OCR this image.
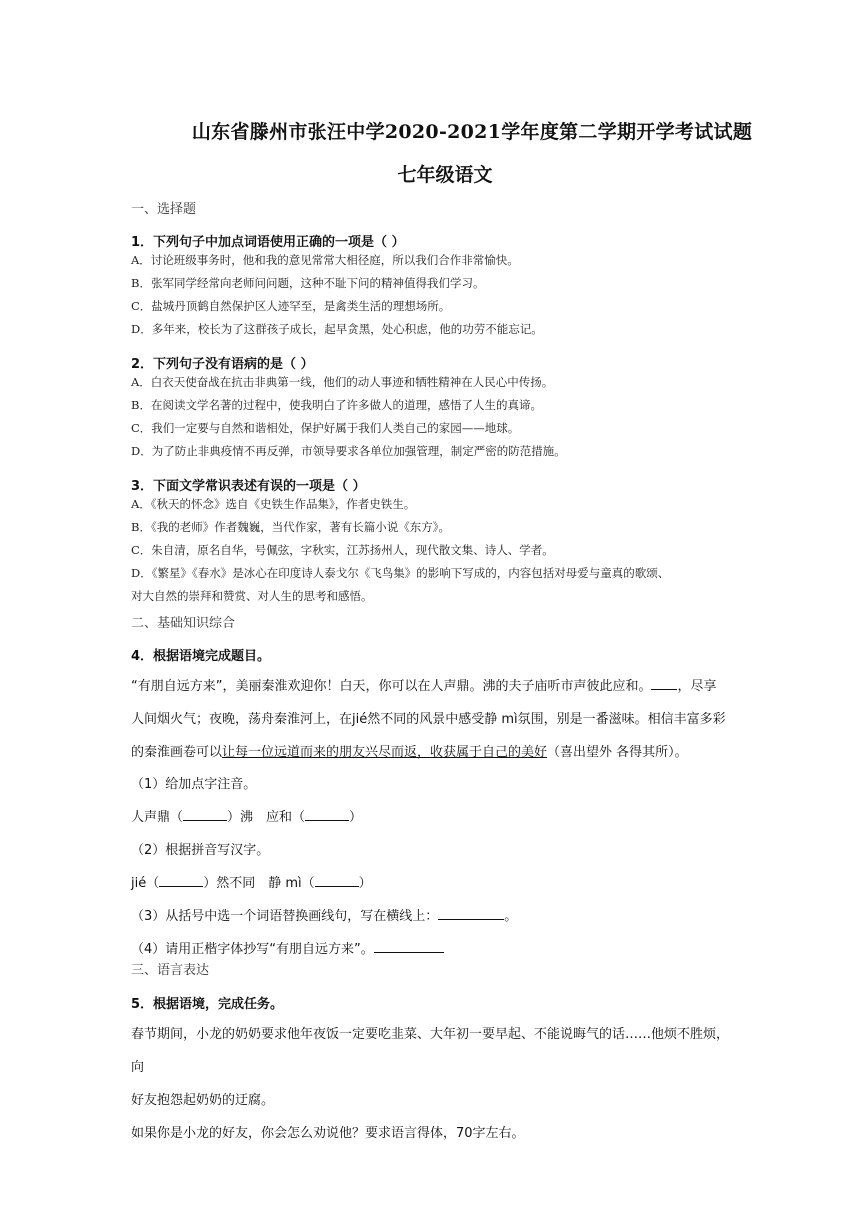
山东省滕州市张汪中学2020-2021学年度第二学期开学考试试题
七年级语文
一、选择题
1．下列句子中加点词语使用正确的一项是（ ）
A．讨论班级事务时，他和我的意见常常大相径庭，所以我们合作非常愉快。
B．张军同学经常向老师问问题，这种不耻下问的精神值得我们学习。
C．盐城丹顶鹤自然保护区人迹罕至，是禽类生活的理想场所。
D．多年来，校长为了这群孩子成长，起早贪黑，处心积虑，他的功劳不能忘记。
2．下列句子没有语病的是（ ）
A．白衣天使奋战在抗击非典第一线，他们的动人事迹和牺牲精神在人民心中传扬。
B．在阅读文学名著的过程中，使我明白了许多做人的道理，感悟了人生的真谛。
C．我们一定要与自然和谐相处，保护好属于我们人类自己的家园——地球。
D．为了防止非典疫情不再反弹，市领导要求各单位加强管理，制定严密的防范措施。
3．下面文学常识表述有误的一项是（ ）
A．《秋天的怀念》选自《史铁生作品集》，作者史铁生。
B．《我的老师》作者魏巍，当代作家，著有长篇小说《东方》。
C．朱自清，原名自华，号佩弦，字秋实，江苏扬州人，现代散文集、诗人、学者。
D．《繁星》《春水》是冰心在印度诗人泰戈尔《飞鸟集》的影响下写成的，内容包括对母爱与童真的歌颂、
对大自然的崇拜和赞赏、对人生的思考和感悟。
二、基础知识综合
4．根据语境完成题目。
“有朋自远方来”，美丽秦淮欢迎你！白天，你可以在人声鼎。沸的夫子庙听市声彼此应和。 ，尽享
人间烟火气；夜晚，荡舟秦淮河上，在jié然不同的风景中感受静 mì氛围，别是一番滋味。相信丰富多彩
的秦淮画卷可以让每一位远道而来的朋友兴尽而返，收获属于自己的美好（喜出望外 各得其所）。
（1）给加点字注音。
人声鼎（	）沸　应和（	）
（2）根据拼音写汉字。
jié（	）然不同　静 mì（	）
（3）从括号中选一个词语替换画线句，写在横线上：	。
（4）请用正楷字体抄写“有朋自远方来”。
三、语言表达
5．根据语境，完成任务。
春节期间，小龙的奶奶要求他年夜饭一定要吃韭菜、大年初一要早起、不能说晦气的话……他烦不胜烦，向
好友抱怨起奶奶的迂腐。
如果你是小龙的好友，你会怎么劝说他？要求语言得体，70字左右。
